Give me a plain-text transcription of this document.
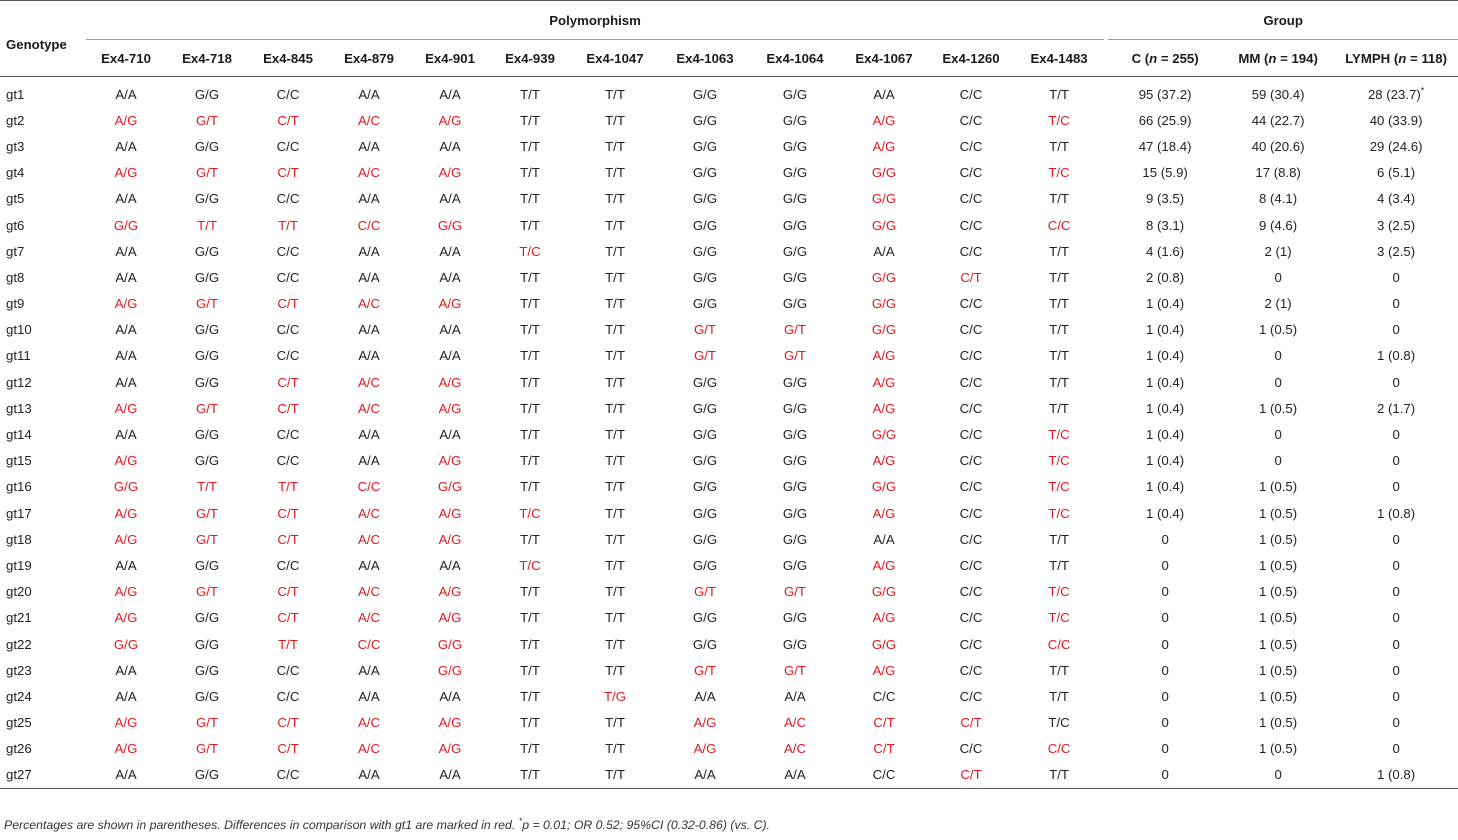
Genotype	Polymorphism													Group		
	Ex4-710	Ex4-718	Ex4-845	Ex4-879	Ex4-901	Ex4-939	Ex4-1047	Ex4-1063	Ex4-1064	Ex4-1067	Ex4-1260	Ex4-1483		C (n = 255)	MM (n = 194)	LYMPH (n = 118)
gt1	A/A	G/G	C/C	A/A	A/A	T/T	T/T	G/G	G/G	A/A	C/C	T/T		95 (37.2)	59 (30.4)	28 (23.7)*
gt2	A/G	G/T	C/T	A/C	A/G	T/T	T/T	G/G	G/G	A/G	C/C	T/C		66 (25.9)	44 (22.7)	40 (33.9)
gt3	A/A	G/G	C/C	A/A	A/A	T/T	T/T	G/G	G/G	A/G	C/C	T/T		47 (18.4)	40 (20.6)	29 (24.6)
gt4	A/G	G/T	C/T	A/C	A/G	T/T	T/T	G/G	G/G	G/G	C/C	T/C		15 (5.9)	17 (8.8)	6 (5.1)
gt5	A/A	G/G	C/C	A/A	A/A	T/T	T/T	G/G	G/G	G/G	C/C	T/T		9 (3.5)	8 (4.1)	4 (3.4)
gt6	G/G	T/T	T/T	C/C	G/G	T/T	T/T	G/G	G/G	G/G	C/C	C/C		8 (3.1)	9 (4.6)	3 (2.5)
gt7	A/A	G/G	C/C	A/A	A/A	T/C	T/T	G/G	G/G	A/A	C/C	T/T		4 (1.6)	2 (1)	3 (2.5)
gt8	A/A	G/G	C/C	A/A	A/A	T/T	T/T	G/G	G/G	G/G	C/T	T/T		2 (0.8)	0	0
gt9	A/G	G/T	C/T	A/C	A/G	T/T	T/T	G/G	G/G	G/G	C/C	T/T		1 (0.4)	2 (1)	0
gt10	A/A	G/G	C/C	A/A	A/A	T/T	T/T	G/T	G/T	G/G	C/C	T/T		1 (0.4)	1 (0.5)	0
gt11	A/A	G/G	C/C	A/A	A/A	T/T	T/T	G/T	G/T	A/G	C/C	T/T		1 (0.4)	0	1 (0.8)
gt12	A/A	G/G	C/T	A/C	A/G	T/T	T/T	G/G	G/G	A/G	C/C	T/T		1 (0.4)	0	0
gt13	A/G	G/T	C/T	A/C	A/G	T/T	T/T	G/G	G/G	A/G	C/C	T/T		1 (0.4)	1 (0.5)	2 (1.7)
gt14	A/A	G/G	C/C	A/A	A/A	T/T	T/T	G/G	G/G	G/G	C/C	T/C		1 (0.4)	0	0
gt15	A/G	G/G	C/C	A/A	A/G	T/T	T/T	G/G	G/G	A/G	C/C	T/C		1 (0.4)	0	0
gt16	G/G	T/T	T/T	C/C	G/G	T/T	T/T	G/G	G/G	G/G	C/C	T/C		1 (0.4)	1 (0.5)	0
gt17	A/G	G/T	C/T	A/C	A/G	T/C	T/T	G/G	G/G	A/G	C/C	T/C		1 (0.4)	1 (0.5)	1 (0.8)
gt18	A/G	G/T	C/T	A/C	A/G	T/T	T/T	G/G	G/G	A/A	C/C	T/T		0	1 (0.5)	0
gt19	A/A	G/G	C/C	A/A	A/A	T/C	T/T	G/G	G/G	A/G	C/C	T/T		0	1 (0.5)	0
gt20	A/G	G/T	C/T	A/C	A/G	T/T	T/T	G/T	G/T	G/G	C/C	T/C		0	1 (0.5)	0
gt21	A/G	G/G	C/T	A/C	A/G	T/T	T/T	G/G	G/G	A/G	C/C	T/C		0	1 (0.5)	0
gt22	G/G	G/G	T/T	C/C	G/G	T/T	T/T	G/G	G/G	G/G	C/C	C/C		0	1 (0.5)	0
gt23	A/A	G/G	C/C	A/A	G/G	T/T	T/T	G/T	G/T	A/G	C/C	T/T		0	1 (0.5)	0
gt24	A/A	G/G	C/C	A/A	A/A	T/T	T/G	A/A	A/A	C/C	C/C	T/T		0	1 (0.5)	0
gt25	A/G	G/T	C/T	A/C	A/G	T/T	T/T	A/G	A/C	C/T	C/T	T/C		0	1 (0.5)	0
gt26	A/G	G/T	C/T	A/C	A/G	T/T	T/T	A/G	A/C	C/T	C/C	C/C		0	1 (0.5)	0
gt27	A/A	G/G	C/C	A/A	A/A	T/T	T/T	A/A	A/A	C/C	C/T	T/T		0	0	1 (0.8)
Percentages are shown in parentheses. Differences in comparison with gt1 are marked in red. *p = 0.01; OR 0.52; 95%CI (0.32-0.86) (vs. C).
